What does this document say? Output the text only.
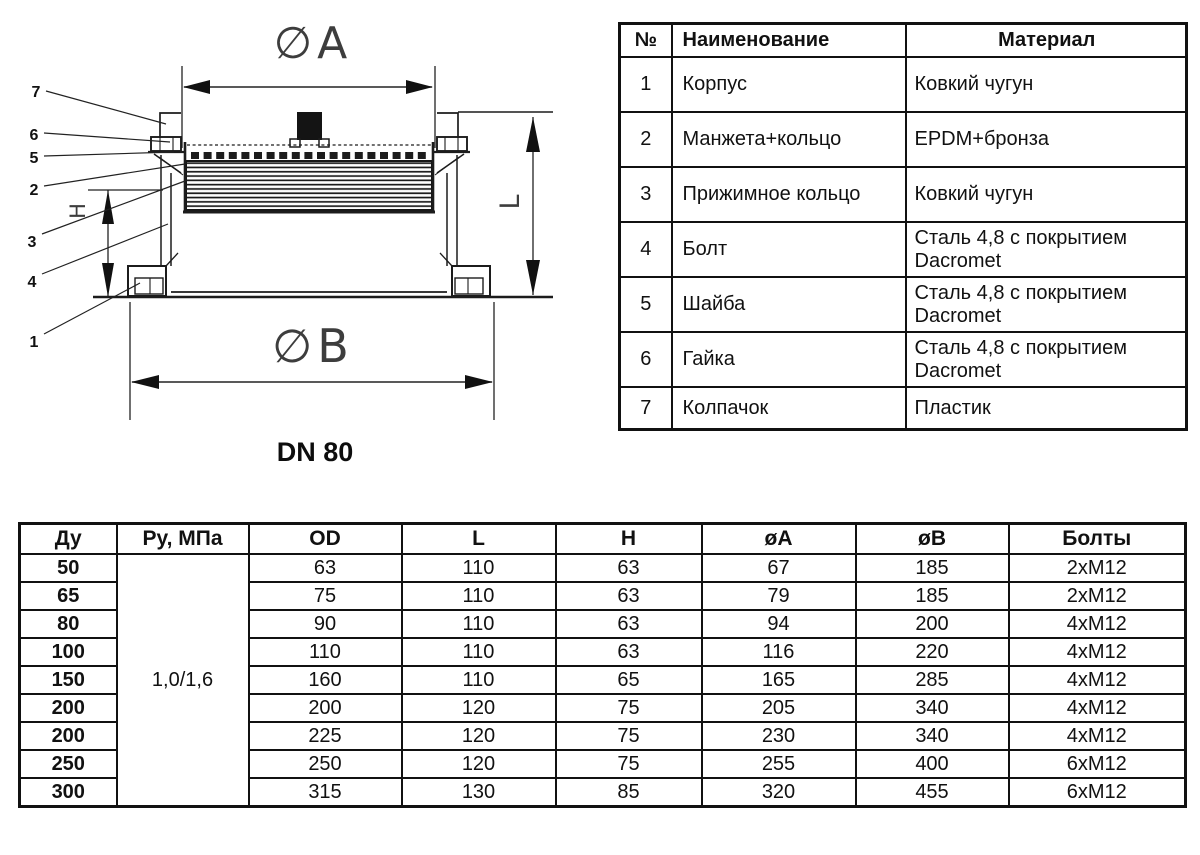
∅A
H
L
∅B
7
6
5
2
3
4
1
DN 80
№	Наименование	Материал
1	Корпус	Ковкий чугун
2	Манжета+кольцо	EPDM+бронза
3	Прижимное кольцо	Ковкий чугун
4	Болт	Сталь 4,8 с покрытием Dacromet
5	Шайба	Сталь 4,8 с покрытием Dacromet
6	Гайка	Сталь 4,8 с покрытием Dacromet
7	Колпачок	Пластик
Ду	Ру, МПа	OD	L	H	øA	øB	Болты
50	1,0/1,6	63	110	63	67	185	2xM12
65		75	110	63	79	185	2xM12
80		90	110	63	94	200	4xM12
100		110	110	63	116	220	4xM12
150		160	110	65	165	285	4xM12
200		200	120	75	205	340	4xM12
200		225	120	75	230	340	4xM12
250		250	120	75	255	400	6xM12
300		315	130	85	320	455	6xM12
